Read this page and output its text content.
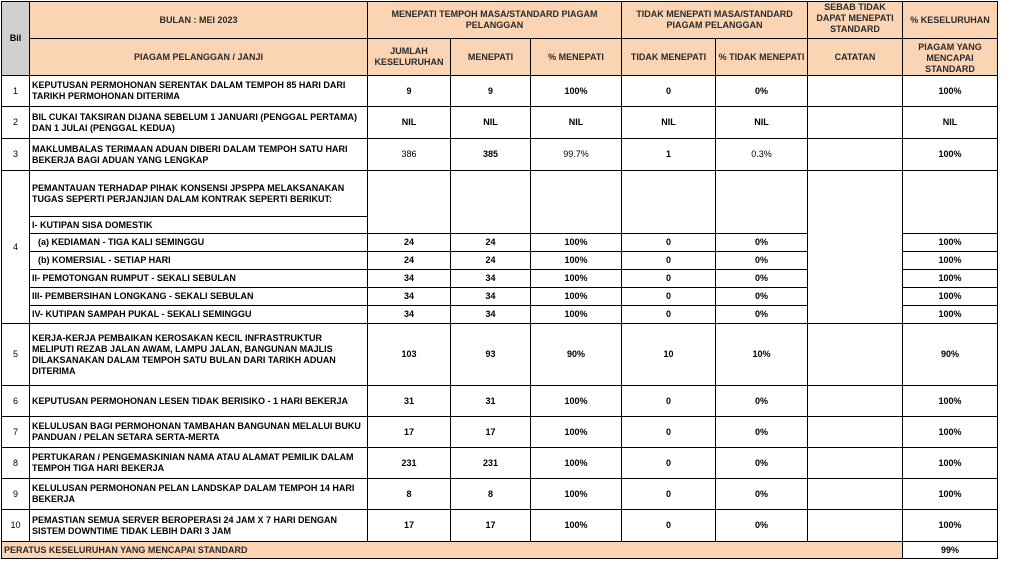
Bil	BULAN : MEI 2023	MENEPATI TEMPOH MASA/STANDARD PIAGAM PELANGGAN			TIDAK MENEPATI MASA/STANDARD PIAGAM PELANGGAN		SEBAB TIDAK DAPAT MENEPATI STANDARD	% KESELURUHAN
	PIAGAM PELANGGAN / JANJI	JUMLAH KESELURUHAN	MENEPATI	% MENEPATI	TIDAK MENEPATI	% TIDAK MENEPATI	CATATAN	PIAGAM YANG MENCAPAI STANDARD
1	KEPUTUSAN PERMOHONAN SERENTAK DALAM TEMPOH 85 HARI DARI TARIKH PERMOHONAN DITERIMA	9	9	100%	0	0%		100%
2	BIL CUKAI TAKSIRAN DIJANA SEBELUM 1 JANUARI (PENGGAL PERTAMA) DAN 1 JULAI (PENGGAL KEDUA)	NIL	NIL	NIL	NIL	NIL		NIL
3	MAKLUMBALAS TERIMAAN ADUAN DIBERI DALAM TEMPOH SATU HARI BEKERJA BAGI ADUAN YANG LENGKAP	386	385	99.7%	1	0.3%		100%
4	PEMANTAUAN TERHADAP PIHAK KONSENSI JPSPPA MELAKSANAKAN TUGAS SEPERTI PERJANJIAN DALAM KONTRAK SEPERTI BERIKUT:							
	I- KUTIPAN SISA DOMESTIK							
	(a) KEDIAMAN - TIGA KALI SEMINGGU	24	24	100%	0	0%		100%
	(b) KOMERSIAL - SETIAP HARI	24	24	100%	0	0%		100%
	II- PEMOTONGAN RUMPUT - SEKALI SEBULAN	34	34	100%	0	0%		100%
	III- PEMBERSIHAN LONGKANG - SEKALI SEBULAN	34	34	100%	0	0%		100%
	IV- KUTIPAN SAMPAH PUKAL - SEKALI SEMINGGU	34	34	100%	0	0%		100%
5	KERJA-KERJA PEMBAIKAN KEROSAKAN KECIL INFRASTRUKTUR MELIPUTI REZAB JALAN AWAM, LAMPU JALAN, BANGUNAN MAJLIS DILAKSANAKAN DALAM TEMPOH SATU BULAN DARI TARIKH ADUAN DITERIMA	103	93	90%	10	10%		90%
6	KEPUTUSAN PERMOHONAN LESEN TIDAK BERISIKO - 1 HARI BEKERJA	31	31	100%	0	0%		100%
7	KELULUSAN BAGI PERMOHONAN TAMBAHAN BANGUNAN MELALUI BUKU PANDUAN / PELAN SETARA SERTA-MERTA	17	17	100%	0	0%		100%
8	PERTUKARAN / PENGEMASKINIAN NAMA ATAU ALAMAT PEMILIK DALAM TEMPOH TIGA HARI BEKERJA	231	231	100%	0	0%		100%
9	KELULUSAN PERMOHONAN PELAN LANDSKAP DALAM TEMPOH 14 HARI BEKERJA	8	8	100%	0	0%		100%
10	PEMASTIAN SEMUA SERVER BEROPERASI 24 JAM X 7 HARI DENGAN SISTEM DOWNTIME TIDAK LEBIH DARI 3 JAM	17	17	100%	0	0%		100%
PERATUS KESELURUHAN YANG MENCAPAI STANDARD								99%
